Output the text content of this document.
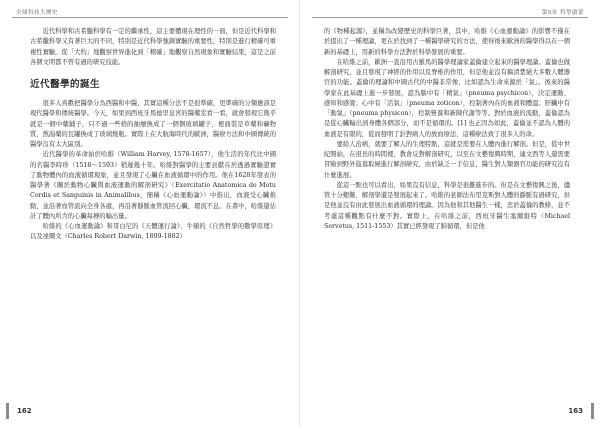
全球科技大歷史

近代科學和古希臘科學有一定的繼承性，這主要體現在理性的一面，但是近代科學和古希臘科學又有著巨大的不同，特別是近代科學強調實驗的重要性，特別是進行精確可重複性實驗。從「大約」地觀察世界進化到「精確」地觀察自然現象和實驗結果，這是之前各個文明都不曾有過的研究技能。

近代醫學的誕生

很多人喜歡把醫學分為西醫和中醫，其實這種分法不是很準確，更準確的分類應該是現代醫學和傳統醫學。今天，如果到西班牙馬德里皇宮的醫藥室看一看，就會發現它幾乎就是一個中藥鋪子，只不過一些格的抽屜換成了一個個玻璃罐子，裡面裝是草藥和礦物質，熬湯藥的瓦罐換成了玻璃燒瓶。實際上在大航海時代的歐洲，醫療方法和中國傳統的醫學沒有太大區別。

近代醫學的革命始於哈維（William Harvey, 1578-1657），他生活的年代比中國的名醫李時珍（1518～1593）稍遲幾十年。哈維對醫學的主要貢獻在於透過實驗證實了動物體內的血液循環現象，並且發現了心臟在血液循環中的作用。他在1628年發表的醫學著《關於動物心臟與血液運動的解剖研究》（Exercitatio Anatomica de Motu Cordis et Sanguinis in Animalibus，簡稱《心血運動論》）中指出，血液受心臟推動，並沿著血管流向全身各處，再沿著靜脈血管流回心臟，環流不息。在書中，哈維還估計了體內所含的心臟每搏的輸出量。

哈維的《心血運動論》和哥白尼的《天體運行論》、牛頓的《自然哲學的數學原理》以及達爾文（Charles Robert Darwin, 1809-1882）

162
第5章 科學啟蒙

的《物種起源》，並稱為改變歷史的科學巨著，其中，哈維《心血運動論》的影響不僅在於提出了一種理論，更在於找到了一種醫學研究的方法，使得後來歐洲的醫學得以在一個新的基礎上，用新的科學方法對於科學發展的重要。

在哈維之前，歐洲一直沿用古羅馬的醫學理論家蓋倫建立起來的醫學理論。蓋倫也做解剖研究，並且發現了神經的作用以及脊椎的作用，但是他並沒有搞清楚絕大多數人體器官的功能。蓋倫的理論和中國古代的中醫非常像，比如認為生命來源於「氣」。後來的醫學家在此基礎上進一步發展，認為腦中有「精氣」（pneuma psychicon），決定運動、感知和感覺；心中有「活氣」（pneuma zoticon），控制著內在的血液和體溫；肝臟中有「動氣」（pneuma physicon），控制營養和新陳代謝等等。對於血液的流動，蓋倫認為是從心臟輸出到身體各個部分，而不是循環的。[1] 也正因為如此，蓋倫並不認為人體的血液是有限的，從而發明了針對病人的放血療法，這種療法致了很多人的命。

要給人治病，就要了解人的生理特點，這就是需要在人體內進行解剖。但是，從中世紀開始，在很長的時間裡，教會反對解剖研究，以至在文藝復興時期，連文西等人還需要冒險到野外盜墓取屍進行解剖研究，由於缺乏一手信息，醫生對人類器官功能的研究沒有什麼進展。

從這一點也可以看出，如果沒有信息，科學是很難進步的。但是在文藝復興之後，儘管十分艱難，解剖學還是發展起來了。哈維的老師法布里克斯對人體的靜脈有過研究，但是他並沒有由此發展出血液循環的理論。因為他和其他醫生一樣，忠於蓋倫的教條，並不考慮這種觀點有什麼不對。實際上，在哈維之前，西班牙醫生塞爾維特（Michael Servetus, 1511-1553）其實已經發現了肺循環，但是他

163
